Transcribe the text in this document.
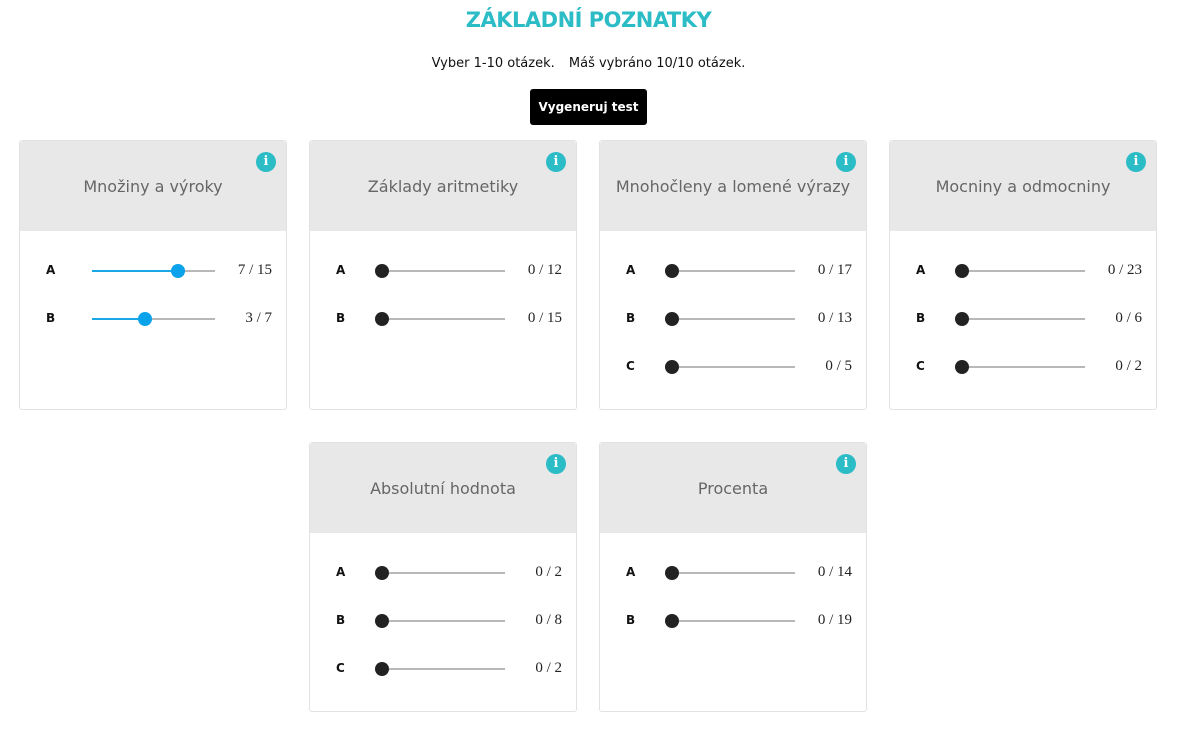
ZÁKLADNÍ POZNATKY
Vyber 1-10 otázek. Máš vybráno 10/10 otázek.
Vygeneruj test
Množiny a výroky
i
A	7 / 15
B	3 / 7
Základy aritmetiky
i
A	0 / 12
B	0 / 15
Mnohočleny a lomené výrazy
i
A	0 / 17
B	0 / 13
C	0 / 5
Mocniny a odmocniny
i
A	0 / 23
B	0 / 6
C	0 / 2
Absolutní hodnota
i
A	0 / 2
B	0 / 8
C	0 / 2
Procenta
i
A	0 / 14
B	0 / 19
